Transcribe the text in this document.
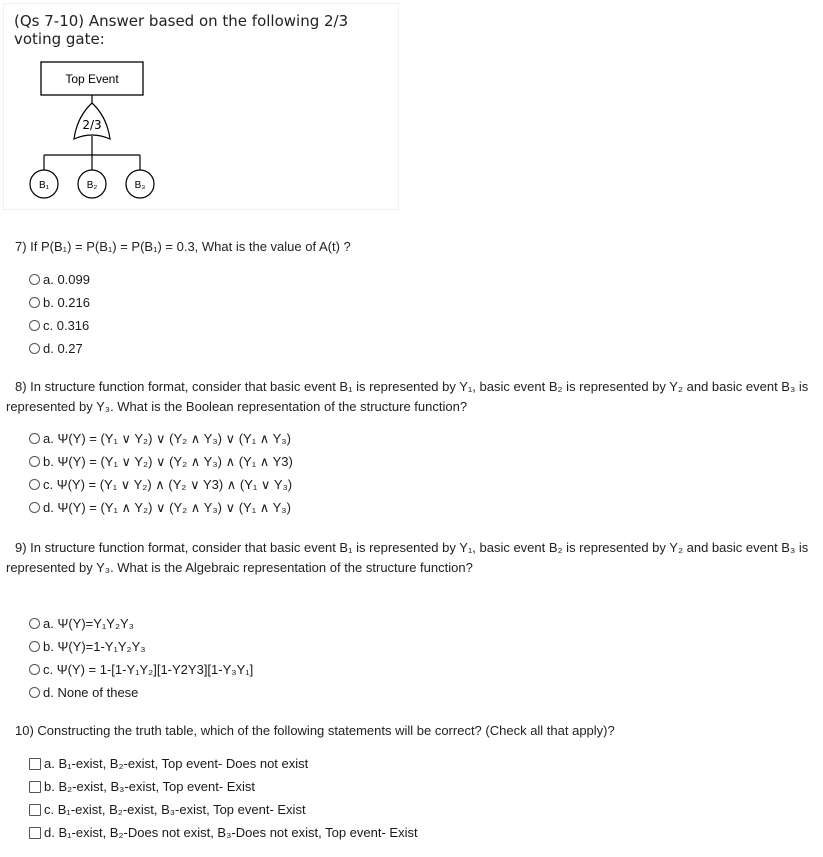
(Qs 7-10) Answer based on the following 2/3 voting gate:
Top Event
2/3
B₁	B₂	B₃
7) If P(B₁) = P(B₁) = P(B₁) = 0.3, What is the value of A(t) ?
a. 0.099
b. 0.216
c. 0.316
d. 0.27
8) In structure function format, consider that basic event B₁ is represented by Y₁, basic event B₂ is represented by Y₂ and basic event B₃ is
represented by Y₃. What is the Boolean representation of the structure function?
a. Ψ(Y) = (Y₁ ∨ Y₂) ∨ (Y₂ ∧ Y₃) ∨ (Y₁ ∧ Y₃)
b. Ψ(Y) = (Y₁ ∨ Y₂) ∨ (Y₂ ∧ Y₃) ∧ (Y₁ ∧ Y3)
c. Ψ(Y) = (Y₁ ∨ Y₂) ∧ (Y₂ ∨ Y3) ∧ (Y₁ ∨ Y₃)
d. Ψ(Y) = (Y₁ ∧ Y₂) ∨ (Y₂ ∧ Y₃) ∨ (Y₁ ∧ Y₃)
9) In structure function format, consider that basic event B₁ is represented by Y₁, basic event B₂ is represented by Y₂ and basic event B₃ is
represented by Y₃. What is the Algebraic representation of the structure function?
a. Ψ(Y)=Y₁Y₂Y₃
b. Ψ(Y)=1-Y₁Y₂Y₃
c. Ψ(Y) = 1-[1-Y₁Y₂][1-Y2Y3][1-Y₃Y₁]
d. None of these
10) Constructing the truth table, which of the following statements will be correct? (Check all that apply)?
a. B₁-exist, B₂-exist, Top event- Does not exist
b. B₂-exist, B₃-exist, Top event- Exist
c. B₁-exist, B₂-exist, B₃-exist, Top event- Exist
d. B₁-exist, B₂-Does not exist, B₃-Does not exist, Top event- Exist
